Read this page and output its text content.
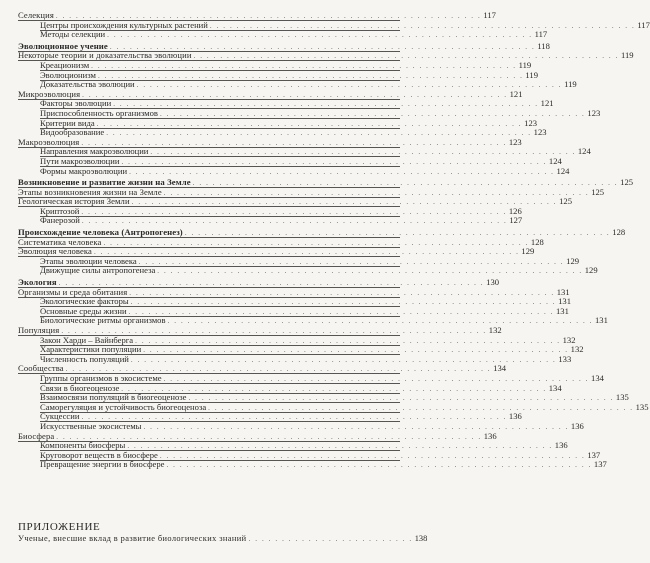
Селекция . . . . . . . . . . . . . . . . . . . . . . . . . . . . . . . . . . . . . . . . . . . . . . . . . . . . . . . . . . . . . . . . 117
Центры происхождения культурных растений . . . . . . . . . . . . . . . . . . . . . . . . . . . . . . . . . . . . . . . . . . . . . . . . . . . . . . . . . . . . . . . . 117
Методы селекции . . . . . . . . . . . . . . . . . . . . . . . . . . . . . . . . . . . . . . . . . . . . . . . . . . . . . . . . . . . . . . . . 117
Эволюционное учение . . . . . . . . . . . . . . . . . . . . . . . . . . . . . . . . . . . . . . . . . . . . . . . . . . . . . . . . . . . . . . . . 118
Некоторые теории и доказательства эволюции . . . . . . . . . . . . . . . . . . . . . . . . . . . . . . . . . . . . . . . . . . . . . . . . . . . . . . . . . . . . . . . . 119
Креационизм . . . . . . . . . . . . . . . . . . . . . . . . . . . . . . . . . . . . . . . . . . . . . . . . . . . . . . . . . . . . . . . . 119
Эволюционизм . . . . . . . . . . . . . . . . . . . . . . . . . . . . . . . . . . . . . . . . . . . . . . . . . . . . . . . . . . . . . . . . 119
Доказательства эволюции . . . . . . . . . . . . . . . . . . . . . . . . . . . . . . . . . . . . . . . . . . . . . . . . . . . . . . . . . . . . . . . . 119
Микроэволюция . . . . . . . . . . . . . . . . . . . . . . . . . . . . . . . . . . . . . . . . . . . . . . . . . . . . . . . . . . . . . . . . 121
Факторы эволюции . . . . . . . . . . . . . . . . . . . . . . . . . . . . . . . . . . . . . . . . . . . . . . . . . . . . . . . . . . . . . . . . 121
Приспособленность организмов . . . . . . . . . . . . . . . . . . . . . . . . . . . . . . . . . . . . . . . . . . . . . . . . . . . . . . . . . . . . . . . . 123
Критерии вида . . . . . . . . . . . . . . . . . . . . . . . . . . . . . . . . . . . . . . . . . . . . . . . . . . . . . . . . . . . . . . . . 123
Видообразование . . . . . . . . . . . . . . . . . . . . . . . . . . . . . . . . . . . . . . . . . . . . . . . . . . . . . . . . . . . . . . . . 123
Макроэволюция . . . . . . . . . . . . . . . . . . . . . . . . . . . . . . . . . . . . . . . . . . . . . . . . . . . . . . . . . . . . . . . . 123
Направления макроэволюции . . . . . . . . . . . . . . . . . . . . . . . . . . . . . . . . . . . . . . . . . . . . . . . . . . . . . . . . . . . . . . . . 124
Пути макроэволюции . . . . . . . . . . . . . . . . . . . . . . . . . . . . . . . . . . . . . . . . . . . . . . . . . . . . . . . . . . . . . . . . 124
Формы макроэволюции . . . . . . . . . . . . . . . . . . . . . . . . . . . . . . . . . . . . . . . . . . . . . . . . . . . . . . . . . . . . . . . . 124
Возникновение и развитие жизни на Земле . . . . . . . . . . . . . . . . . . . . . . . . . . . . . . . . . . . . . . . . . . . . . . . . . . . . . . . . . . . . . . . . 125
Этапы возникновения жизни на Земле . . . . . . . . . . . . . . . . . . . . . . . . . . . . . . . . . . . . . . . . . . . . . . . . . . . . . . . . . . . . . . . . 125
Геологическая история Земли . . . . . . . . . . . . . . . . . . . . . . . . . . . . . . . . . . . . . . . . . . . . . . . . . . . . . . . . . . . . . . . . 125
Криптозой . . . . . . . . . . . . . . . . . . . . . . . . . . . . . . . . . . . . . . . . . . . . . . . . . . . . . . . . . . . . . . . . 126
Фанерозой . . . . . . . . . . . . . . . . . . . . . . . . . . . . . . . . . . . . . . . . . . . . . . . . . . . . . . . . . . . . . . . . 127
Происхождение человека (Антропогенез) . . . . . . . . . . . . . . . . . . . . . . . . . . . . . . . . . . . . . . . . . . . . . . . . . . . . . . . . . . . . . . . . 128
Систематика человека . . . . . . . . . . . . . . . . . . . . . . . . . . . . . . . . . . . . . . . . . . . . . . . . . . . . . . . . . . . . . . . . 128
Эволюция человека . . . . . . . . . . . . . . . . . . . . . . . . . . . . . . . . . . . . . . . . . . . . . . . . . . . . . . . . . . . . . . . . 129
Этапы эволюции человека . . . . . . . . . . . . . . . . . . . . . . . . . . . . . . . . . . . . . . . . . . . . . . . . . . . . . . . . . . . . . . . . 129
Движущие силы антропогенеза . . . . . . . . . . . . . . . . . . . . . . . . . . . . . . . . . . . . . . . . . . . . . . . . . . . . . . . . . . . . . . . . 129
Экология . . . . . . . . . . . . . . . . . . . . . . . . . . . . . . . . . . . . . . . . . . . . . . . . . . . . . . . . . . . . . . . . 130
Организмы и среда обитания . . . . . . . . . . . . . . . . . . . . . . . . . . . . . . . . . . . . . . . . . . . . . . . . . . . . . . . . . . . . . . . . 131
Экологические факторы . . . . . . . . . . . . . . . . . . . . . . . . . . . . . . . . . . . . . . . . . . . . . . . . . . . . . . . . . . . . . . . . 131
Основные среды жизни . . . . . . . . . . . . . . . . . . . . . . . . . . . . . . . . . . . . . . . . . . . . . . . . . . . . . . . . . . . . . . . . 131
Биологические ритмы организмов . . . . . . . . . . . . . . . . . . . . . . . . . . . . . . . . . . . . . . . . . . . . . . . . . . . . . . . . . . . . . . . . 131
Популяция . . . . . . . . . . . . . . . . . . . . . . . . . . . . . . . . . . . . . . . . . . . . . . . . . . . . . . . . . . . . . . . . 132
Закон Харди – Вайнберга . . . . . . . . . . . . . . . . . . . . . . . . . . . . . . . . . . . . . . . . . . . . . . . . . . . . . . . . . . . . . . . . 132
Характеристики популяции . . . . . . . . . . . . . . . . . . . . . . . . . . . . . . . . . . . . . . . . . . . . . . . . . . . . . . . . . . . . . . . . 132
Численность популяций . . . . . . . . . . . . . . . . . . . . . . . . . . . . . . . . . . . . . . . . . . . . . . . . . . . . . . . . . . . . . . . . 133
Сообщества . . . . . . . . . . . . . . . . . . . . . . . . . . . . . . . . . . . . . . . . . . . . . . . . . . . . . . . . . . . . . . . . 134
Группы организмов в экосистеме . . . . . . . . . . . . . . . . . . . . . . . . . . . . . . . . . . . . . . . . . . . . . . . . . . . . . . . . . . . . . . . . 134
Связи в биогеоценозе . . . . . . . . . . . . . . . . . . . . . . . . . . . . . . . . . . . . . . . . . . . . . . . . . . . . . . . . . . . . . . . . 134
Взаимосвязи популяций в биогеоценозе . . . . . . . . . . . . . . . . . . . . . . . . . . . . . . . . . . . . . . . . . . . . . . . . . . . . . . . . . . . . . . . . 135
Саморегуляция и устойчивость биогеоценоза . . . . . . . . . . . . . . . . . . . . . . . . . . . . . . . . . . . . . . . . . . . . . . . . . . . . . . . . . . . . . . . . 135
Сукцессии . . . . . . . . . . . . . . . . . . . . . . . . . . . . . . . . . . . . . . . . . . . . . . . . . . . . . . . . . . . . . . . . 136
Искусственные экосистемы . . . . . . . . . . . . . . . . . . . . . . . . . . . . . . . . . . . . . . . . . . . . . . . . . . . . . . . . . . . . . . . . 136
Биосфера . . . . . . . . . . . . . . . . . . . . . . . . . . . . . . . . . . . . . . . . . . . . . . . . . . . . . . . . . . . . . . . . 136
Компоненты биосферы . . . . . . . . . . . . . . . . . . . . . . . . . . . . . . . . . . . . . . . . . . . . . . . . . . . . . . . . . . . . . . . . 136
Круговорот веществ в биосфере . . . . . . . . . . . . . . . . . . . . . . . . . . . . . . . . . . . . . . . . . . . . . . . . . . . . . . . . . . . . . . . . 137
Превращение энергии в биосфере . . . . . . . . . . . . . . . . . . . . . . . . . . . . . . . . . . . . . . . . . . . . . . . . . . . . . . . . . . . . . . . . 137
ПРИЛОЖЕНИЕ
Ученые, внесшие вклад в развитие биологических знаний . . . . . . . . . . . . . . . . . . . . . . . . . 138
